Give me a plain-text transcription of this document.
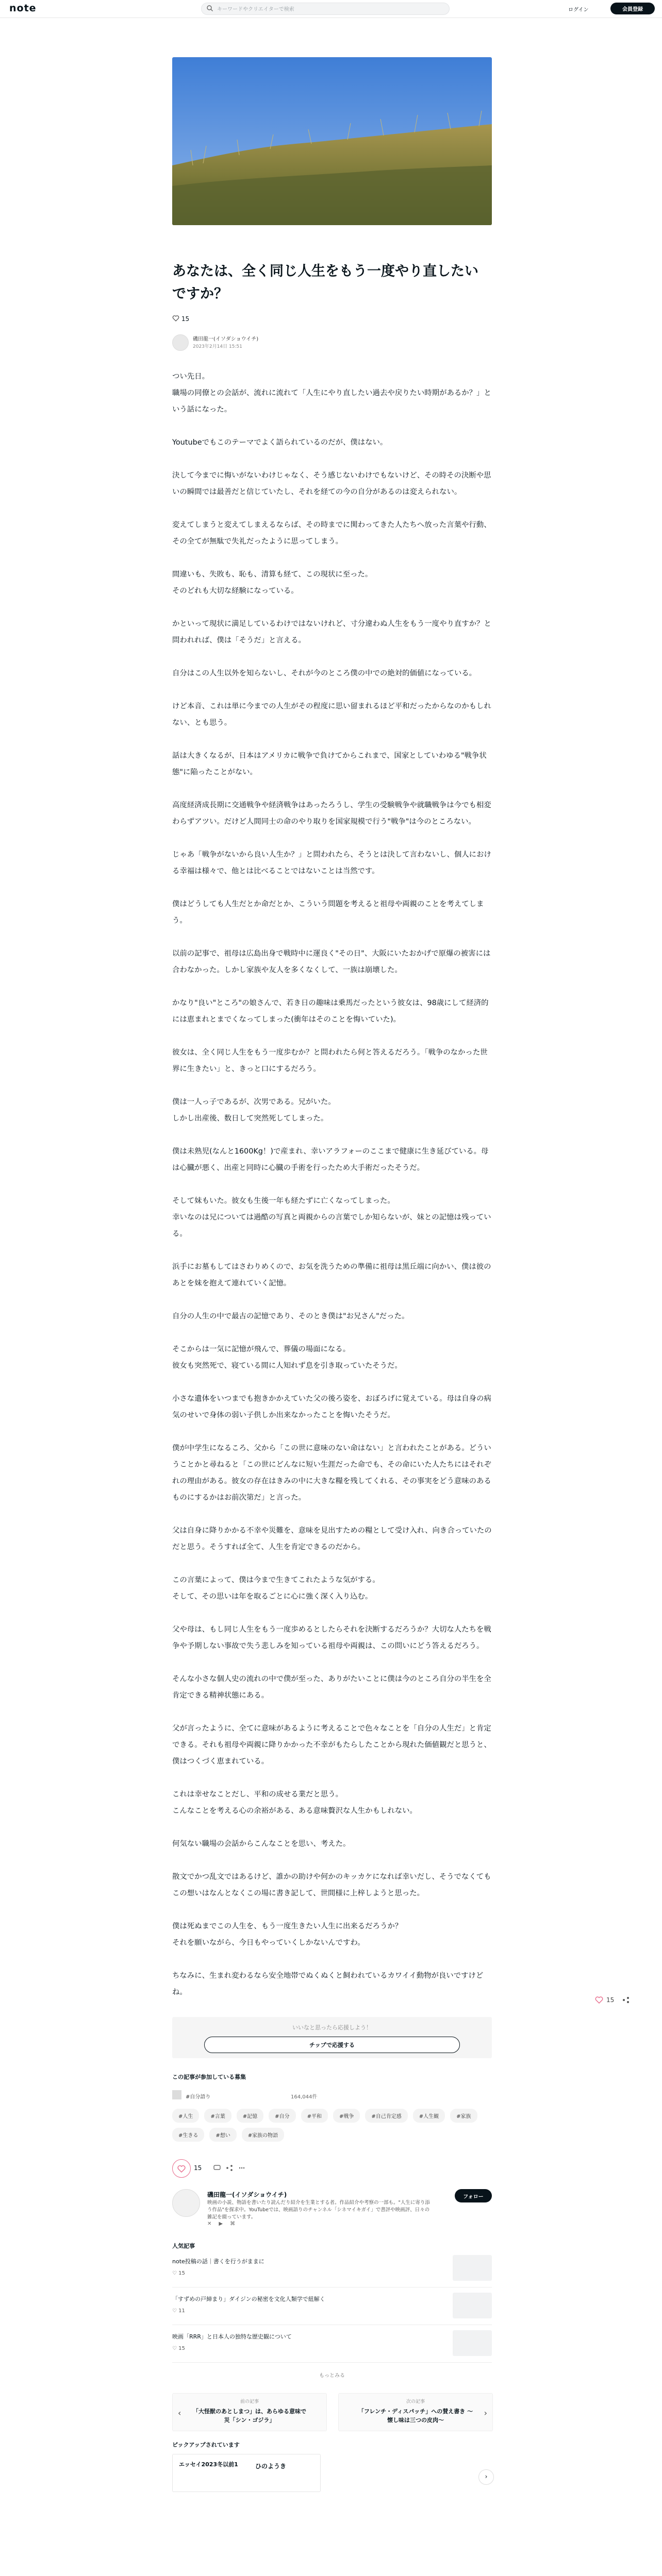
note
キーワードやクリエイターで検索	ログイン	会員登録
あなたは、全く同じ人生をもう一度やり直したいですか？
15
磯田龍一(イソダショウイチ)
2023年2月14日 15:51

つい先日。
職場の同僚との会話が、流れに流れて「人生にやり直したい過去や戻りたい時期があるか？」という話になった。

Youtubeでもこのテーマでよく語られているのだが、僕はない。

決して今までに悔いがないわけじゃなく、そう感じないわけでもないけど、その時その決断や思いの瞬間では最善だと信じていたし、それを経ての今の自分があるのは変えられない。

変えてしまうと変えてしまえるならば、その時までに関わってきた人たちへ放った言葉や行動、その全てが無駄で失礼だったように思ってしまう。

間違いも、失敗も、恥も、清算も経て、この現状に至った。
そのどれも大切な経験になっている。

かといって現状に満足しているわけではないけれど、寸分違わぬ人生をもう一度やり直すか？と問われれば、僕は「そうだ」と言える。

自分はこの人生以外を知らないし、それが今のところ僕の中での絶対的価値になっている。

けど本音、これは単に今までの人生がその程度に思い留まれるほど平和だったからなのかもしれない、とも思う。

話は大きくなるが、日本はアメリカに戦争で負けてからこれまで、国家としていわゆる"戦争状態"に陥ったことがない。

高度経済成長期に交通戦争や経済戦争はあったろうし、学生の受験戦争や就職戦争は今でも相変わらずアツい。だけど人間同士の命のやり取りを国家規模で行う"戦争"は今のところない。

じゃあ「戦争がないから良い人生か？」と問われたら、そうとは決して言わないし、個人における幸福は様々で、他とは比べることではないことは当然です。

僕はどうしても人生だとか命だとか、こういう問題を考えると祖母や両親のことを考えてしまう。

以前の記事で、祖母は広島出身で戦時中に運良く"その日"、大阪にいたおかげで原爆の被害には合わなかった。しかし家族や友人を多くなくして、一族は崩壊した。

かなり"良い"ところ"の娘さんで、若き日の趣味は乗馬だったという彼女は、98歳にして経済的には恵まれとまでくなってしまった(衝年はそのことを悔いていた)。

彼女は、全く同じ人生をもう一度歩むか？と問われたら何と答えるだろう。「戦争のなかった世界に生きたい」と、きっと口にするだろう。

僕は一人っ子であるが、次男である。兄がいた。
しかし出産後、数日して突然死してしまった。

僕は未熟児(なんと1600Kg！)で産まれ、幸いアラフォーのここまで健康に生き延びている。母は心臓が悪く、出産と同時に心臓の手術を行ったため大手術だったそうだ。

そして妹もいた。彼女も生後一年も経たずに亡くなってしまった。
幸いなのは兄については過酷の写真と両親からの言葉でしか知らないが、妹との記憶は残っている。

浜手にお墓もしてはさわりめくので、お気を洗うための準備に祖母は黒丘端に向かい、僕は彼のあとを妹を抱えて連れていく記憶。

自分の人生の中で最古の記憶であり、そのとき僕は"お兄さん"だった。

そこからは一気に記憶が飛んで、葬儀の場面になる。
彼女も突然死で、寝ている間に人知れず息を引き取っていたそうだ。

小さな遺体をいつまでも抱きかかえていた父の後ろ姿を、おぼろげに覚えている。母は自身の病気のせいで身体の弱い子供しか出来なかったことを悔いたそうだ。

僕が中学生になるころ、父から「この世に意味のない命はない」と言われたことがある。どういうことかと尋ねると「この世にどんなに短い生涯だった命でも、その命にいた人たちにはそれぞれの理由がある。彼女の存在はきみの中に大きな糧を残してくれる、その事実をどう意味のあるものにするかはお前次第だ」と言った。

父は自身に降りかかる不幸や災難を、意味を見出すための糧として受け入れ、向き合っていたのだと思う。そうすれば全て、人生を肯定できるのだから。

この言葉によって、僕は今まで生きてこれたような気がする。
そして、その思いは年を取るごとに心に強く深く入り込む。

父や母は、もし同じ人生をもう一度歩めるとしたらそれを決断するだろうか？大切な人たちを戦争や予期しない事故で失う悲しみを知っている祖母や両親は、この問いにどう答えるだろう。

そんな小さな個人史の流れの中で僕が至った、ありがたいことに僕は今のところ自分の半生を全肯定できる精神状態にある。

父が言ったように、全てに意味があるように考えることで色々なことを「自分の人生だ」と肯定できる。それも祖母や両親に降りかかった不幸がもたらしたことから現れた価値観だと思うと、僕はつくづく恵まれている。

これは幸せなことだし、平和の成せる業だと思う。
こんなことを考える心の余裕がある、ある意味贅沢な人生かもしれない。

何気ない職場の会話からこんなことを思い、考えた。

散文でかつ乱文ではあるけど、誰かの助けや何かのキッカケになれば幸いだし、そうでなくてもこの想いはなんとなくこの場に書き記して、世間様に上梓しようと思った。

僕は死ぬまでこの人生を、もう一度生きたい人生に出来るだろうか？
それを願いながら、今日もやっていくしかないんですわ。

ちなみに、生まれ変わるなら安全地帯でぬくぬくと飼われているカワイイ動物が良いですけどね。

いいなと思ったら応援しよう！
チップで応援する
この記事が参加している募集
#自分語り	164,044件
#人生	#言葉	#記憶	#自分	#平和	#戦争	#自己肯定感	#人生観	#家族
#生きる	#想い	#家族の物語
15
磯田龍一(イソダショウイチ)
映画の小説、物語を書いたり読んだり紹介を生業とする者。作品紹介や考察の一部も。"人生に寄り添う作品"を探求中。YouTubeでは、映画語りのチャンネル「シネマイキガイ」で書評や映画評、日々の雑記を綴っています。
フォロー
✕▶⌘
人気記事
note投稿の話｜書くを行うがままに
♡ 15
「すずめの戸締まり」ダイジンの秘密を文化人類学で紐解く
♡ 11
映画「RRR」と日本人の独特な歴史観について
♡ 15
もっとみる
‹
前の記事
「大怪獣のあとしまつ」は、あらゆる意味で災「シン・ゴジラ」
›
次の記事
「フレンチ・ディスパッチ」への賛え書き ～懐し味は三つの皮肉～
ピックアップされています
エッセイ2023冬以前1	ひのようき
›
15
